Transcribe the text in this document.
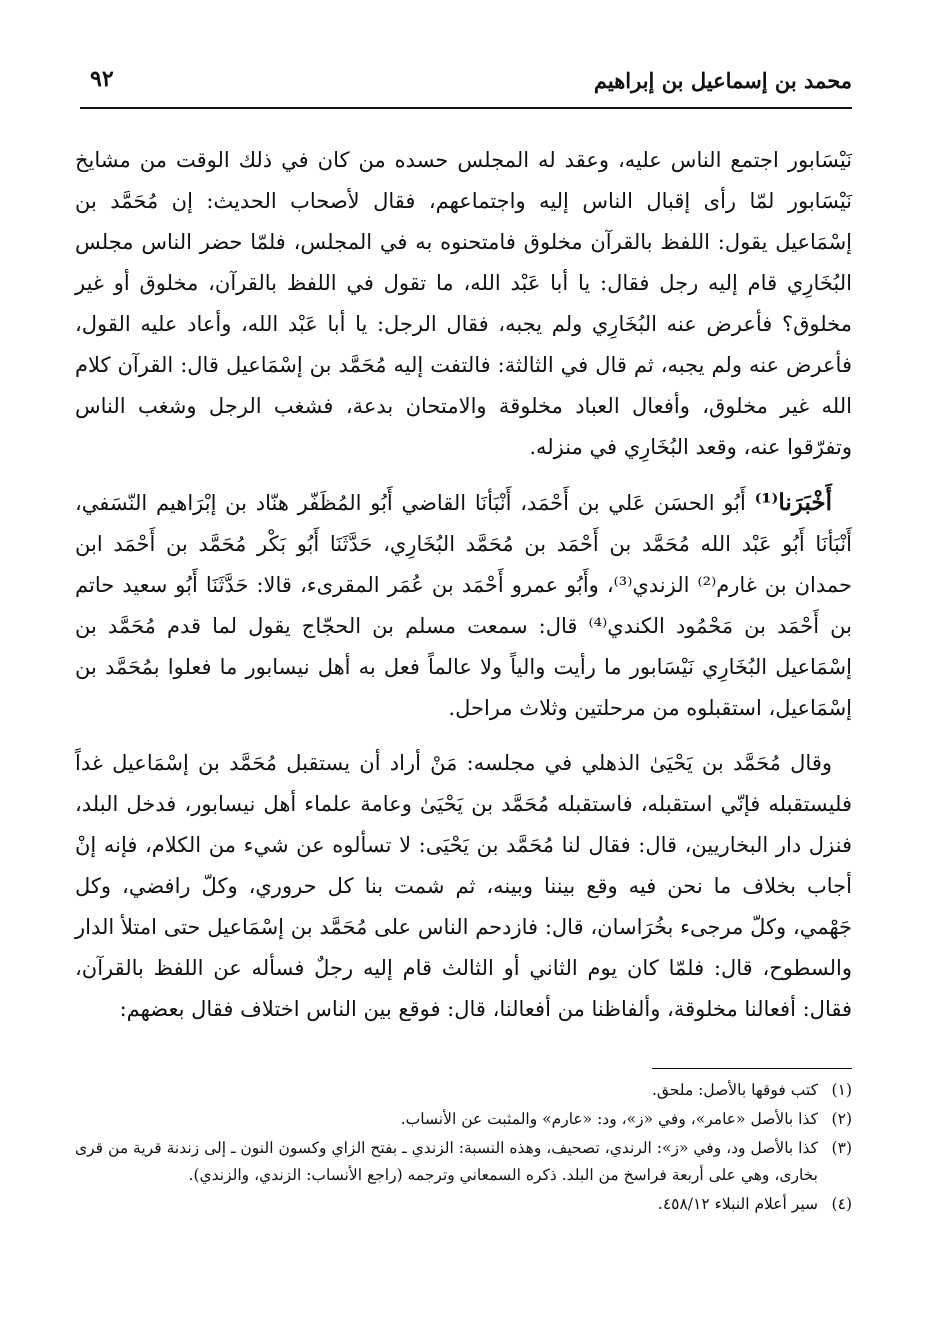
محمد بن إسماعيل بن إبراهيم
٩٢

نَيْسَابور اجتمع الناس عليه، وعقد له المجلس حسده من كان في ذلك الوقت من مشايخ نَيْسَابور لمّا رأى إقبال الناس إليه واجتماعهم، فقال لأصحاب الحديث: إن مُحَمَّد بن إسْمَاعيل يقول: اللفظ بالقرآن مخلوق فامتحنوه به في المجلس، فلمّا حضر الناس مجلس البُخَارِي قام إليه رجل فقال: يا أبا عَبْد الله، ما تقول في اللفظ بالقرآن، مخلوق أو غير مخلوق؟ فأعرض عنه البُخَارِي ولم يجبه، فقال الرجل: يا أبا عَبْد الله، وأعاد عليه القول، فأعرض عنه ولم يجبه، ثم قال في الثالثة: فالتفت إليه مُحَمَّد بن إسْمَاعيل قال: القرآن كلام الله غير مخلوق، وأفعال العباد مخلوقة والامتحان بدعة، فشغب الرجل وشغب الناس وتفرّقوا عنه، وقعد البُخَارِي في منزله.

أَخْبَرَنا⁽¹⁾ أَبُو الحسَن عَلي بن أَحْمَد، أَنْبَأنَا القاضي أَبُو المُظَفّر هنّاد بن إبْرَاهيم النّسَفي، أَنْبَأنَا أَبُو عَبْد الله مُحَمَّد بن أَحْمَد بن مُحَمَّد البُخَارِي، حَدَّثَنَا أَبُو بَكْر مُحَمَّد بن أَحْمَد ابن حمدان بن غارم⁽²⁾ الزندي⁽³⁾، وأَبُو عمرو أَحْمَد بن عُمَر المقرىء، قالا: حَدَّثَنَا أَبُو سعيد حاتم بن أَحْمَد بن مَحْمُود الكندي⁽⁴⁾ قال: سمعت مسلم بن الحجّاج يقول لما قدم مُحَمَّد بن إسْمَاعيل البُخَارِي نَيْسَابور ما رأيت والياً ولا عالماً فعل به أهل نيسابور ما فعلوا بمُحَمَّد بن إسْمَاعيل، استقبلوه من مرحلتين وثلاث مراحل.

وقال مُحَمَّد بن يَحْيَىٰ الذهلي في مجلسه: مَنْ أراد أن يستقبل مُحَمَّد بن إسْمَاعيل غداً فليستقبله فإنّي استقبله، فاستقبله مُحَمَّد بن يَحْيَىٰ وعامة علماء أهل نيسابور، فدخل البلد، فنزل دار البخاريين، قال: فقال لنا مُحَمَّد بن يَحْيَى: لا تسألوه عن شيء من الكلام، فإنه إنْ أجاب بخلاف ما نحن فيه وقع بيننا وبينه، ثم شمت بنا كل حروري، وكلّ رافضي، وكل جَهْمي، وكلّ مرجىء بخُرَاسان، قال: فازدحم الناس على مُحَمَّد بن إسْمَاعيل حتى امتلأ الدار والسطوح، قال: فلمّا كان يوم الثاني أو الثالث قام إليه رجلٌ فسأله عن اللفظ بالقرآن، فقال: أفعالنا مخلوقة، وألفاظنا من أفعالنا، قال: فوقع بين الناس اختلاف فقال بعضهم:

(١)
كتب فوقها بالأصل: ملحق.
(٢)
كذا بالأصل «عامر»، وفي «ز»، ود: «عارم» والمثبت عن الأنساب.
(٣)
كذا بالأصل ود، وفي «ز»: الرندي، تصحيف، وهذه النسبة: الزندي ـ بفتح الزاي وكسون النون ـ إلى زندنة قرية من قرى بخارى، وهي على أربعة فراسخ من البلد. ذكره السمعاني وترجمه (راجع الأنساب: الزندي، والزندي).
(٤)
سير أعلام النبلاء ٤٥٨/١٢.
